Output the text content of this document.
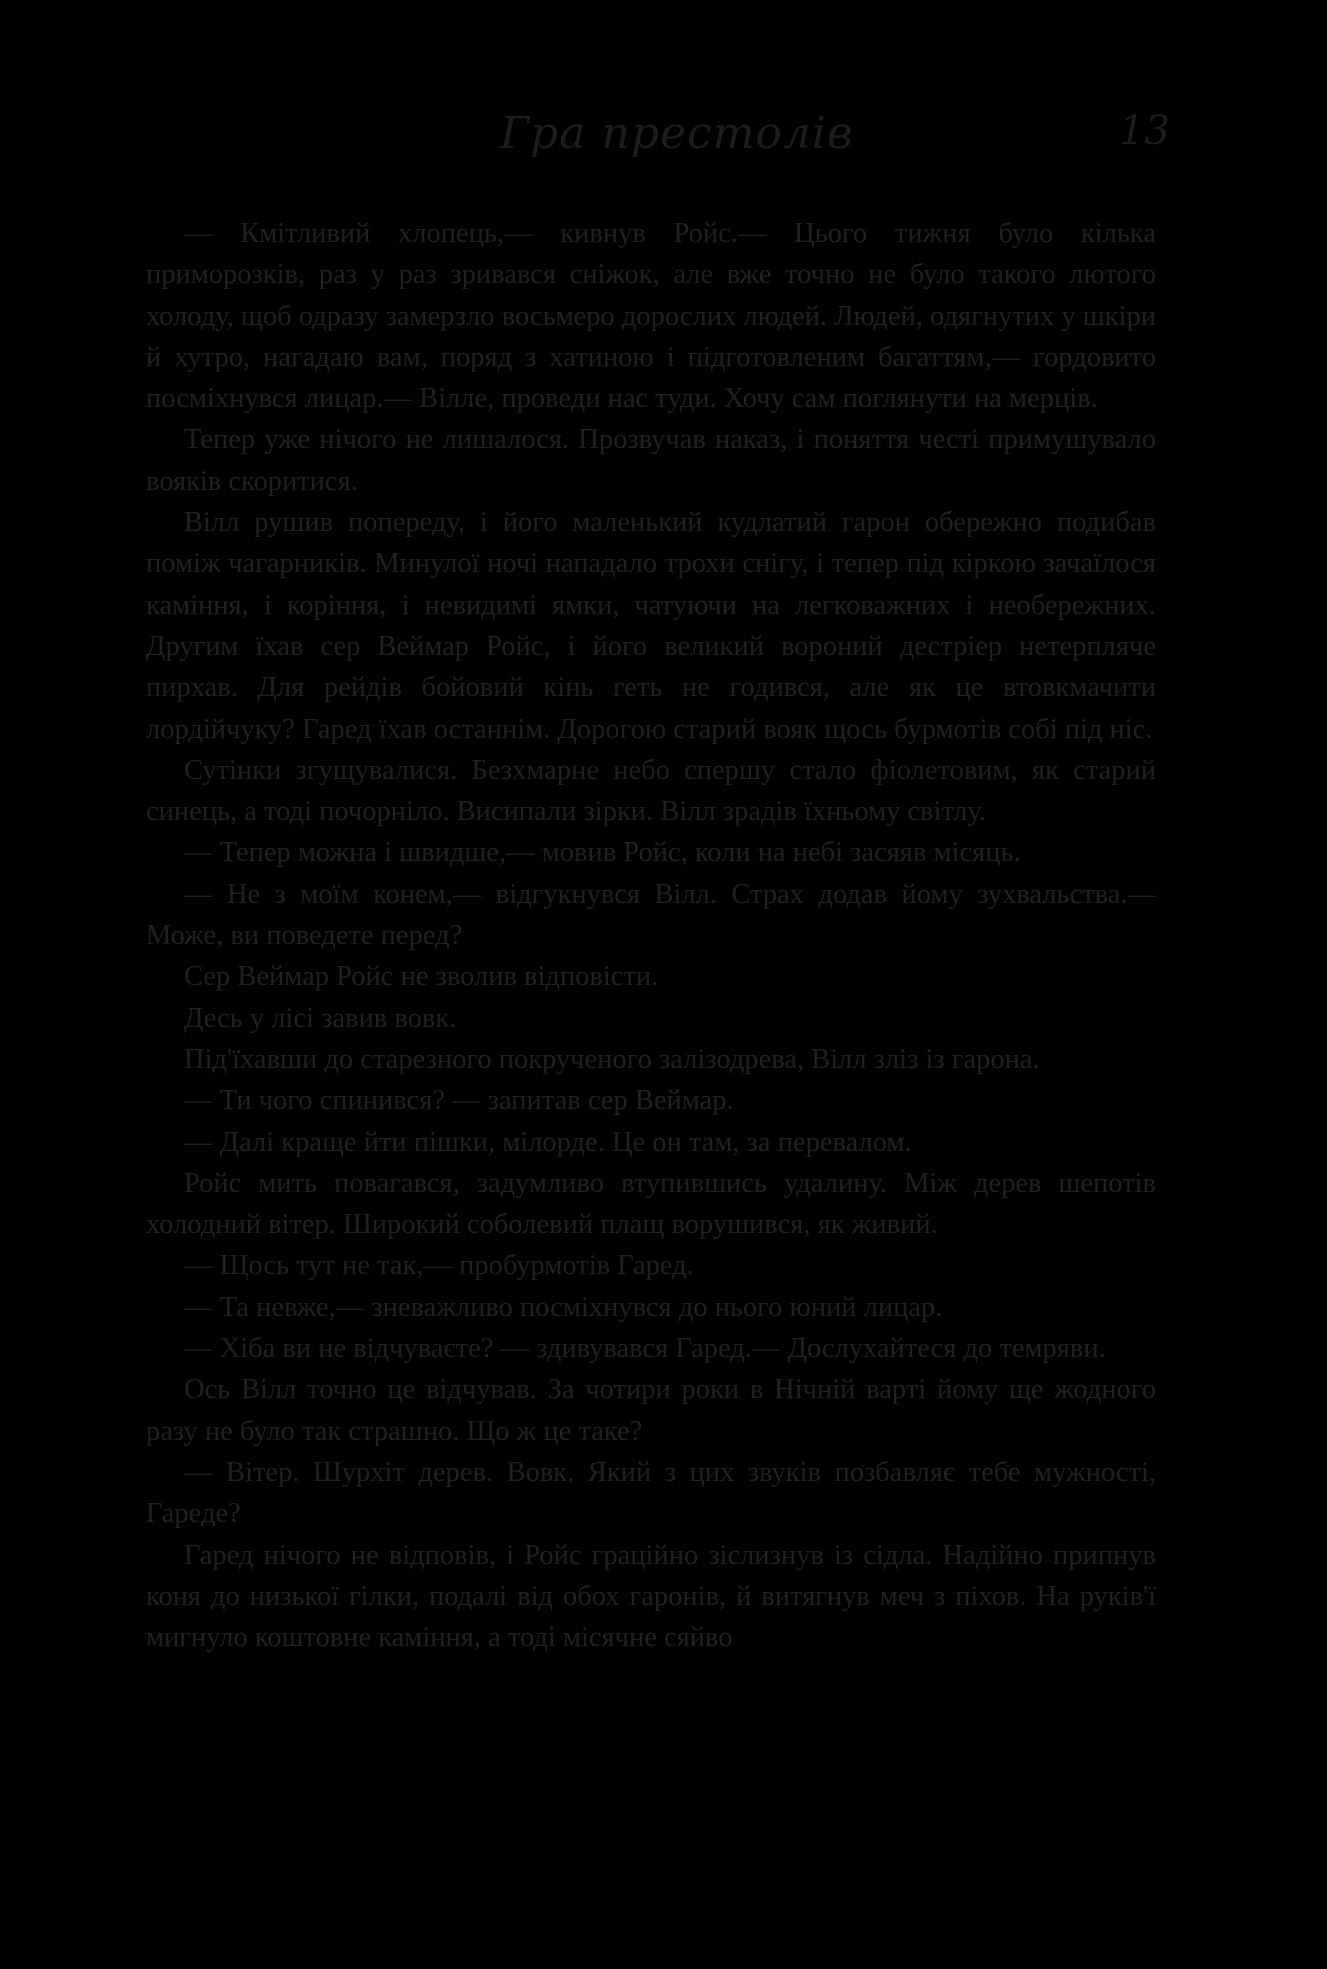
Гра престолів	13

— Кмітливий хлопець,— кивнув Ройс.— Цього тижня було кілька приморозків, раз у раз зривався сніжок, але вже точно не було такого лютого холоду, щоб одразу замерзло восьмеро дорослих людей. Людей, одягнутих у шкіри й хутро, нагадаю вам, поряд з хатиною і підготовленим багаттям,— гордовито посміхнувся лицар.— Вілле, проведи нас туди. Хочу сам поглянути на мерців.

Тепер уже нічого не лишалося. Прозвучав наказ, і поняття честі примушувало вояків скоритися.

Вілл рушив попереду, і його маленький кудлатий гарон обережно подибав поміж чагарників. Минулої ночі нападало трохи снігу, і тепер під кіркою зачаїлося каміння, і коріння, і невидимі ямки, чатуючи на легковажних і необережних. Другим їхав сер Веймар Ройс, і його великий вороний дестріер нетерпляче пирхав. Для рейдів бойовий кінь геть не годився, але як це втовкмачити лордійчуку? Гаред їхав останнім. Дорогою старий вояк щось бурмотів собі під ніс.

Сутінки згущувалися. Безхмарне небо спершу стало фіолетовим, як старий синець, а тоді почорніло. Висипали зірки. Вілл зрадів їхньому світлу.

— Тепер можна і швидше,— мовив Ройс, коли на небі засяяв місяць.

— Не з моїм конем,— відгукнувся Вілл. Страх додав йому зухвальства.— Може, ви поведете перед?

Сер Веймар Ройс не зволив відповісти.

Десь у лісі завив вовк.

Під'їхавши до старезного покрученого залізодрева, Вілл зліз із гарона.

— Ти чого спинився? — запитав сер Веймар.

— Далі краще йти пішки, мілорде. Це он там, за перевалом.

Ройс мить повагався, задумливо втупившись удалину. Між дерев шепотів холодний вітер. Широкий соболевий плащ ворушився, як живий.

— Щось тут не так,— пробурмотів Гаред.

— Та невже,— зневажливо посміхнувся до нього юний лицар.

— Хіба ви не відчуваєте? — здивувався Гаред.— Дослухайтеся до темряви.

Ось Вілл точно це відчував. За чотири роки в Нічній варті йому ще жодного разу не було так страшно. Що ж це таке?

— Вітер. Шурхіт дерев. Вовк. Який з цих звуків позбавляє тебе мужності, Гареде?

Гаред нічого не відповів, і Ройс граційно зіслизнув із сідла. Надійно припнув коня до низької гілки, подалі від обох гаронів, й витягнув меч з піхов. На руків'ї мигнуло коштовне каміння, а тоді місячне сяйво
